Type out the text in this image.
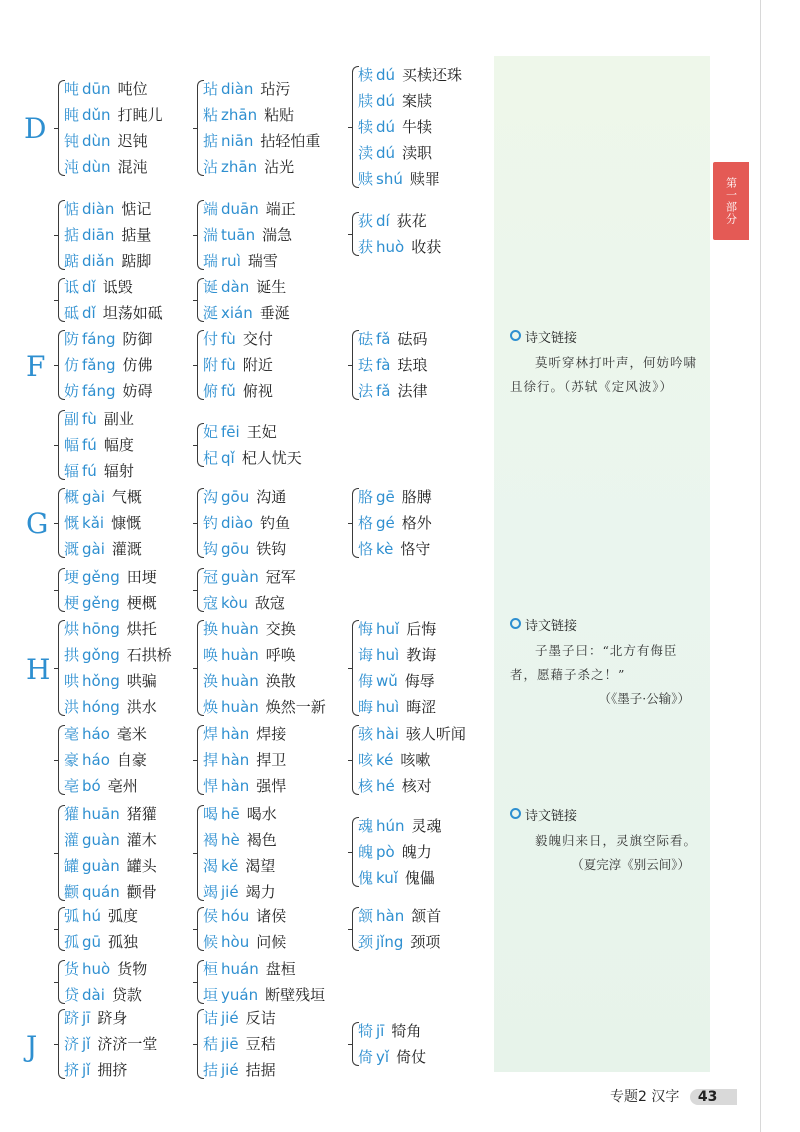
第一部分
D
F
G
H
J
吨 dūn 吨位
盹 dǔn 打盹儿
钝 dùn 迟钝
沌 dùn 混沌
玷 diàn 玷污
粘 zhān 粘贴
掂 niān 拈轻怕重
沾 zhān 沾光
椟 dú 买椟还珠
牍 dú 案牍
犊 dú 牛犊
渎 dú 渎职
赎 shú 赎罪
惦 diàn 惦记
掂 diān 掂量
踮 diǎn 踮脚
端 duān 端正
湍 tuān 湍急
瑞 ruì 瑞雪
荻 dí 荻花
获 huò 收获
诋 dǐ 诋毁
砥 dǐ 坦荡如砥
诞 dàn 诞生
涎 xián 垂涎
防 fáng 防御
仿 fǎng 仿佛
妨 fáng 妨碍
付 fù 交付
附 fù 附近
俯 fǔ 俯视
砝 fǎ 砝码
珐 fà 珐琅
法 fǎ 法律
副 fù 副业
幅 fú 幅度
辐 fú 辐射
妃 fēi 王妃
杞 qǐ 杞人忧天
概 gài 气概
慨 kǎi 慷慨
溉 gài 灌溉
沟 gōu 沟通
钓 diào 钓鱼
钩 gōu 铁钩
胳 gē 胳膊
格 gé 格外
恪 kè 恪守
埂 gěng 田埂
梗 gěng 梗概
冠 guàn 冠军
寇 kòu 敌寇
烘 hōng 烘托
拱 gǒng 石拱桥
哄 hǒng 哄骗
洪 hóng 洪水
换 huàn 交换
唤 huàn 呼唤
涣 huàn 涣散
焕 huàn 焕然一新
悔 huǐ 后悔
诲 huì 教诲
侮 wǔ 侮辱
晦 huì 晦涩
毫 háo 毫米
豪 háo 自豪
亳 bó 亳州
焊 hàn 焊接
捍 hàn 捍卫
悍 hàn 强悍
骇 hài 骇人听闻
咳 ké 咳嗽
核 hé 核对
獾 huān 猪獾
灌 guàn 灌木
罐 guàn 罐头
颧 quán 颧骨
喝 hē 喝水
褐 hè 褐色
渴 kě 渴望
竭 jié 竭力
魂 hún 灵魂
魄 pò 魄力
傀 kuǐ 傀儡
弧 hú 弧度
孤 gū 孤独
侯 hóu 诸侯
候 hòu 问候
颔 hàn 颔首
颈 jǐng 颈项
货 huò 货物
贷 dài 贷款
桓 huán 盘桓
垣 yuán 断壁残垣
跻 jī 跻身
济 jǐ 济济一堂
挤 jǐ 拥挤
诘 jié 反诘
秸 jiē 豆秸
拮 jié 拮据
犄 jī 犄角
倚 yǐ 倚仗
诗文链接
莫听穿林打叶声，何妨吟啸且徐行。（苏轼《定风波》）
诗文链接
子墨子曰：“北方有侮臣者，愿藉子杀之！”
（《墨子·公输》）
诗文链接
毅魄归来日，灵旗空际看。
（夏完淳《别云间》）
专题2 汉字 43
